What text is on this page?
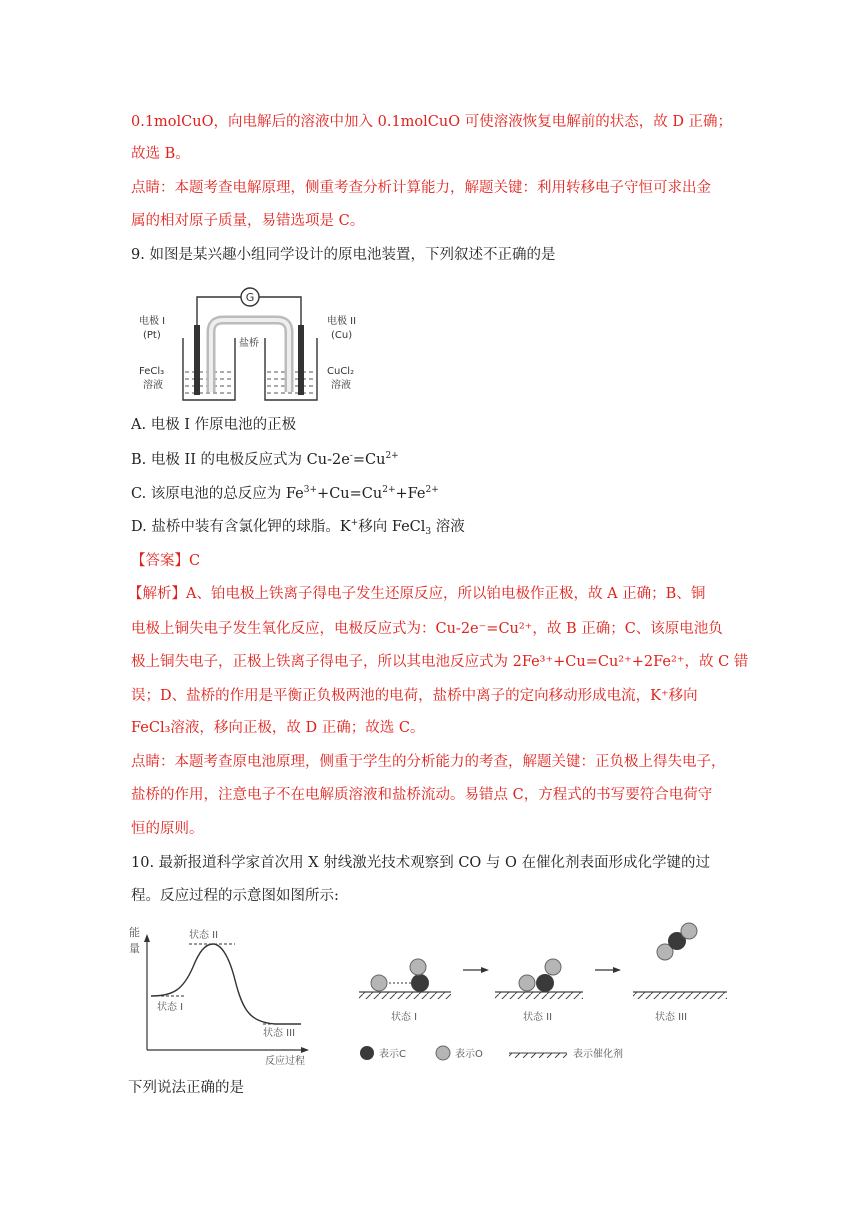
0.1molCuO，向电解后的溶液中加入 0.1molCuO 可使溶液恢复电解前的状态，故 D 正确；
故选 B。
点睛：本题考查电解原理，侧重考查分析计算能力，解题关键：利用转移电子守恒可求出金
属的相对原子质量，易错选项是 C。
9. 如图是某兴趣小组同学设计的原电池装置，下列叙述不正确的是
G
电极 I
(Pt)
电极 II
(Cu)
盐桥
FeCl₃
溶液
CuCl₂
溶液
A. 电极 I 作原电池的正极
B. 电极 II 的电极反应式为 $Cu-2e^-=Cu^{2+}$
C. 该原电池的总反应为 $Fe^{3+}+Cu=Cu^{2+}+Fe^{2+}$
D. 盐桥中装有含氯化钾的球脂。K+移向 FeCl$_3$ 溶液
【答案】C
【解析】A、铂电极上铁离子得电子发生还原反应，所以铂电极作正极，故 A 正确；B、铜
电极上铜失电子发生氧化反应，电极反应式为：Cu-2e⁻=Cu²⁺，故 B 正确；C、该原电池负
极上铜失电子，正极上铁离子得电子，所以其电池反应式为 2Fe³⁺+Cu=Cu²⁺+2Fe²⁺，故 C 错
误；D、盐桥的作用是平衡正负极两池的电荷，盐桥中离子的定向移动形成电流，K⁺移向
FeCl₃溶液，移向正极，故 D 正确；故选 C。
点睛：本题考查原电池原理，侧重于学生的分析能力的考查，解题关键：正负极上得失电子，
盐桥的作用，注意电子不在电解质溶液和盐桥流动。易错点 C，方程式的书写要符合电荷守
恒的原则。
10. 最新报道科学家首次用 X 射线激光技术观察到 CO 与 O 在催化剂表面形成化学键的过
程。反应过程的示意图如图所示:
能
量
状态 I
状态 II
状态 III
反应过程
状态 I	状态 II	状态 III
表示C	表示O	表示催化剂
下列说法正确的是
